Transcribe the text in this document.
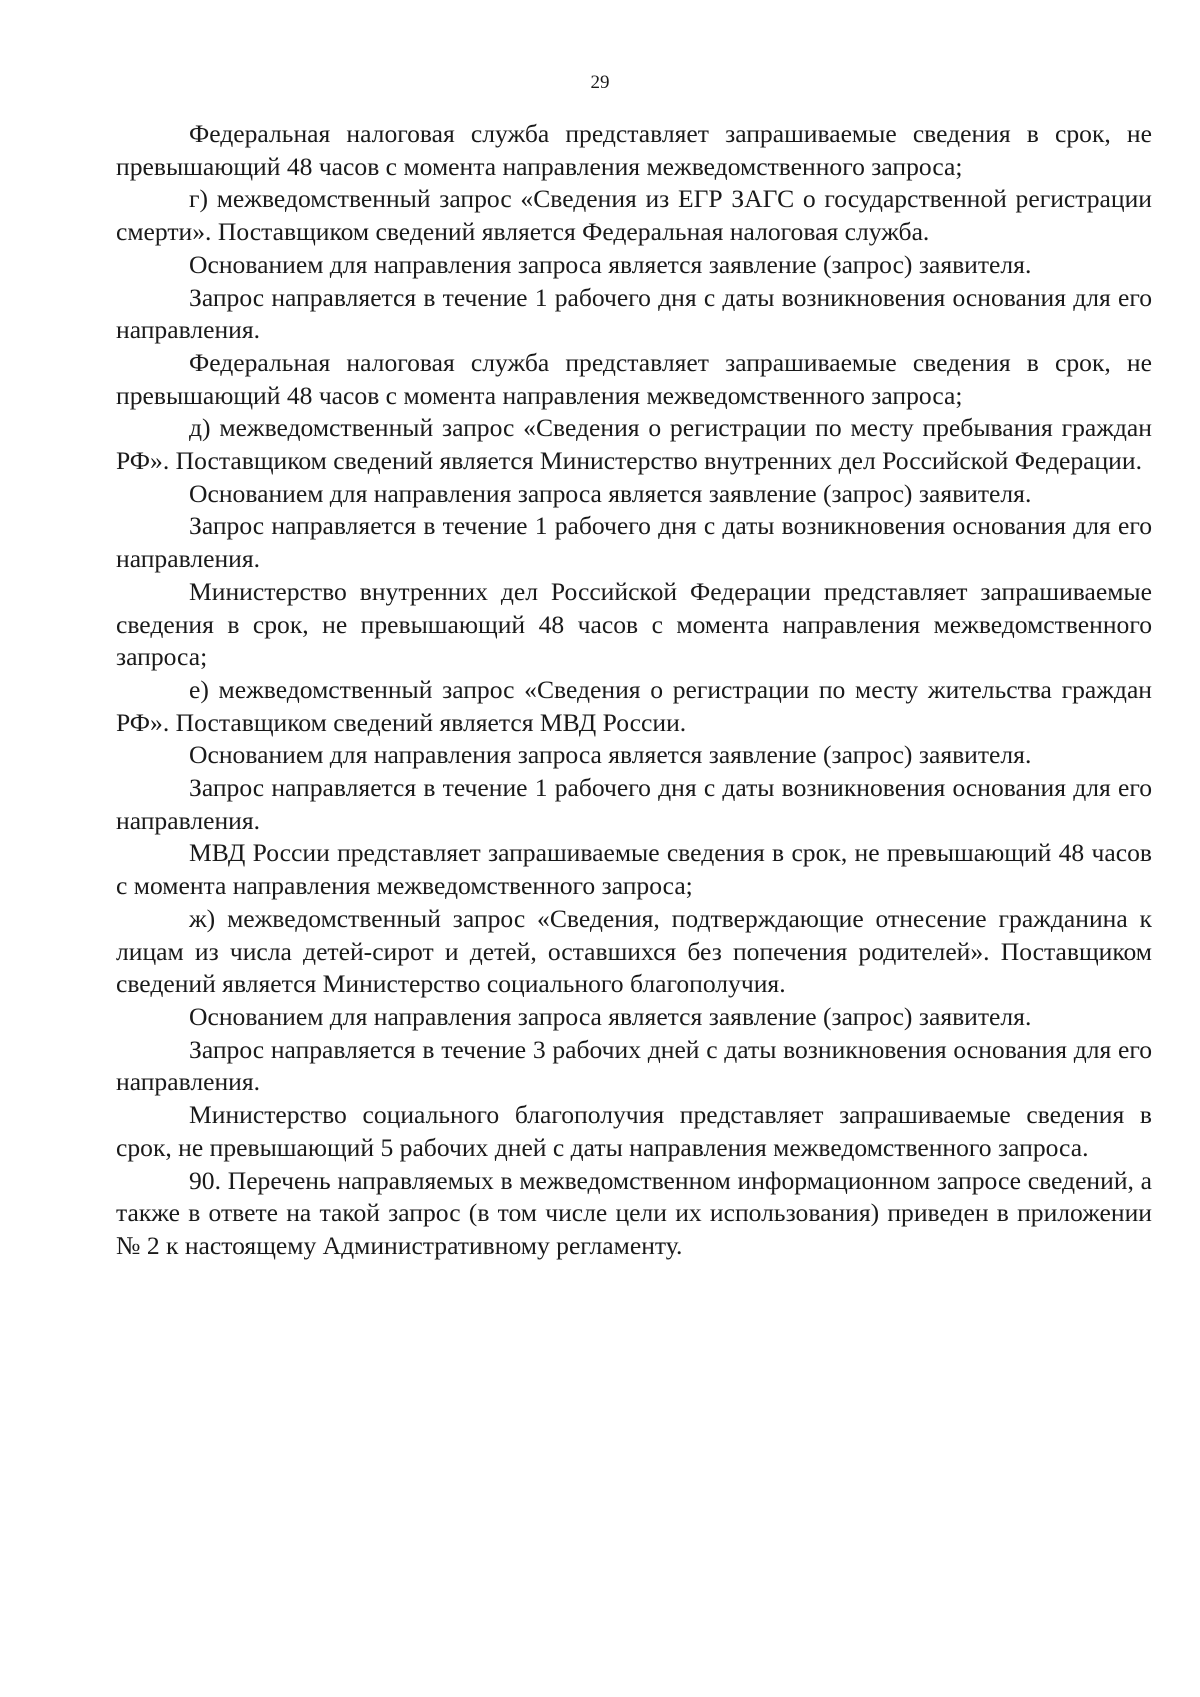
29

Федеральная налоговая служба представляет запрашиваемые сведения в срок, не превышающий 48 часов с момента направления межведомственного запроса;

г) межведомственный запрос «Сведения из ЕГР ЗАГС о государственной регистрации смерти». Поставщиком сведений является Федеральная налоговая служба.

Основанием для направления запроса является заявление (запрос) заявителя.

Запрос направляется в течение 1 рабочего дня с даты возникновения основания для его направления.

Федеральная налоговая служба представляет запрашиваемые сведения в срок, не превышающий 48 часов с момента направления межведомственного запроса;

д) межведомственный запрос «Сведения о регистрации по месту пребывания граждан РФ». Поставщиком сведений является Министерство внутренних дел Российской Федерации.

Основанием для направления запроса является заявление (запрос) заявителя.

Запрос направляется в течение 1 рабочего дня с даты возникновения основания для его направления.

Министерство внутренних дел Российской Федерации представляет запрашиваемые сведения в срок, не превышающий 48 часов с момента направления межведомственного запроса;

е) межведомственный запрос «Сведения о регистрации по месту жительства граждан РФ». Поставщиком сведений является МВД России.

Основанием для направления запроса является заявление (запрос) заявителя.

Запрос направляется в течение 1 рабочего дня с даты возникновения основания для его направления.

МВД России представляет запрашиваемые сведения в срок, не превышающий 48 часов с момента направления межведомственного запроса;

ж) межведомственный запрос «Сведения, подтверждающие отнесение гражданина к лицам из числа детей-сирот и детей, оставшихся без попечения родителей». Поставщиком сведений является Министерство социального благополучия.

Основанием для направления запроса является заявление (запрос) заявителя.

Запрос направляется в течение 3 рабочих дней с даты возникновения основания для его направления.

Министерство социального благополучия представляет запрашиваемые сведения в срок, не превышающий 5 рабочих дней с даты направления межведомственного запроса.

90. Перечень направляемых в межведомственном информационном запросе сведений, а также в ответе на такой запрос (в том числе цели их использования) приведен в приложении № 2 к настоящему Административному регламенту.
